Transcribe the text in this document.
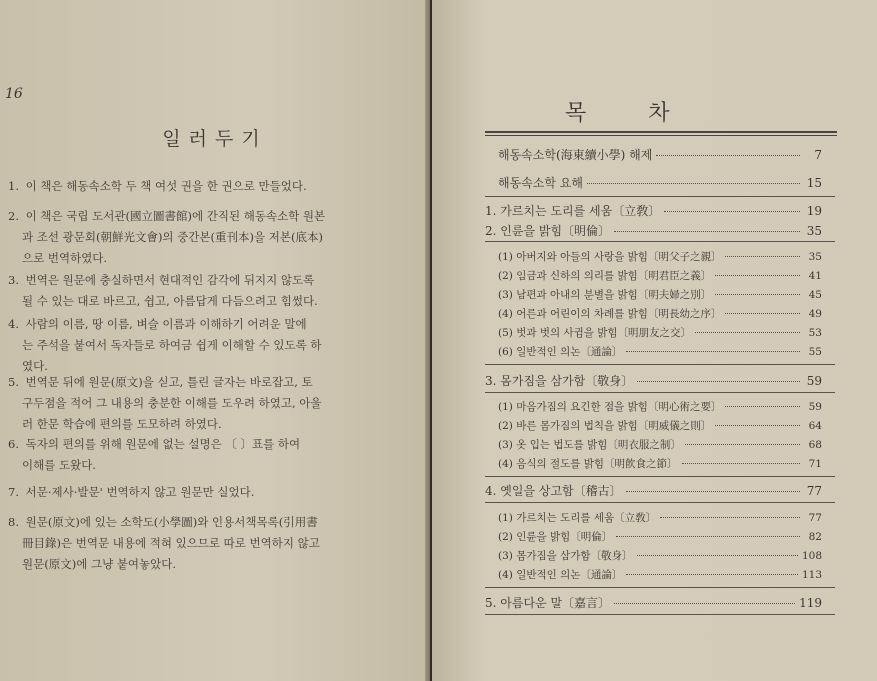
16
일러두기
1. 이 책은 해동속소학 두 책 여섯 권을 한 권으로 만들었다.
2. 이 책은 국립 도서관(國立圖書館)에 간직된 해동속소학 원본
과 조선 광문회(朝鮮光文會)의 중간본(重刊本)을 저본(底本)
으로 번역하였다.
3. 번역은 원문에 충실하면서 현대적인 감각에 뒤지지 않도록
될 수 있는 대로 바르고, 쉽고, 아름답게 다듬으려고 힘썼다.
4. 사람의 이름, 땅 이름, 벼슬 이름과 이해하기 어려운 말에
는 주석을 붙여서 독자들로 하여금 쉽게 이해할 수 있도록 하
였다.
5. 번역문 뒤에 원문(原文)을 싣고, 틀린 글자는 바로잡고, 토
구두점을 적어 그 내용의 충분한 이해를 도우려 하였고, 아울
러 한문 학습에 편의를 도모하려 하였다.
6. 독자의 편의를 위해 원문에 없는 설명은 〔 〕표를 하여
이해를 도왔다.
7. 서문·제사·발문' 번역하지 않고 원문만 실었다.
8. 원문(原文)에 있는 소학도(小學圖)와 인용서책목록(引用書
冊目錄)은 번역문 내용에 적혀 있으므로 따로 번역하지 않고
원문(原文)에 그냥 붙여놓았다.
목	차
해동속소학(海東續小學) 해제	7
해동속소학 요해	15
1. 가르치는 도리를 세움〔立敎〕	19
2. 인륜을 밝힘〔明倫〕	35
(1) 아버지와 아들의 사랑을 밝힘〔明父子之親〕	35
(2) 임금과 신하의 의리를 밝힘〔明君臣之義〕	41
(3) 남편과 아내의 분별을 밝힘〔明夫婦之別〕	45
(4) 어른과 어린이의 차례를 밝힘〔明長幼之序〕	49
(5) 벗과 벗의 사귐을 밝힘〔明朋友之交〕	53
(6) 일반적인 의논〔通論〕	55
3. 몸가짐을 삼가함〔敬身〕	59
(1) 마음가짐의 요긴한 점을 밝힘〔明心術之要〕	59
(2) 바른 몸가짐의 법칙을 밝힘〔明威儀之則〕	64
(3) 옷 입는 법도를 밝힘〔明衣服之制〕	68
(4) 음식의 절도를 밝힘〔明飮食之節〕	71
4. 옛일을 상고함〔稽古〕	77
(1) 가르치는 도리를 세움〔立敎〕	77
(2) 인륜을 밝힘〔明倫〕	82
(3) 몸가짐을 삼가함〔敬身〕	108
(4) 일반적인 의논〔通論〕	113
5. 아름다운 말〔嘉言〕	119
